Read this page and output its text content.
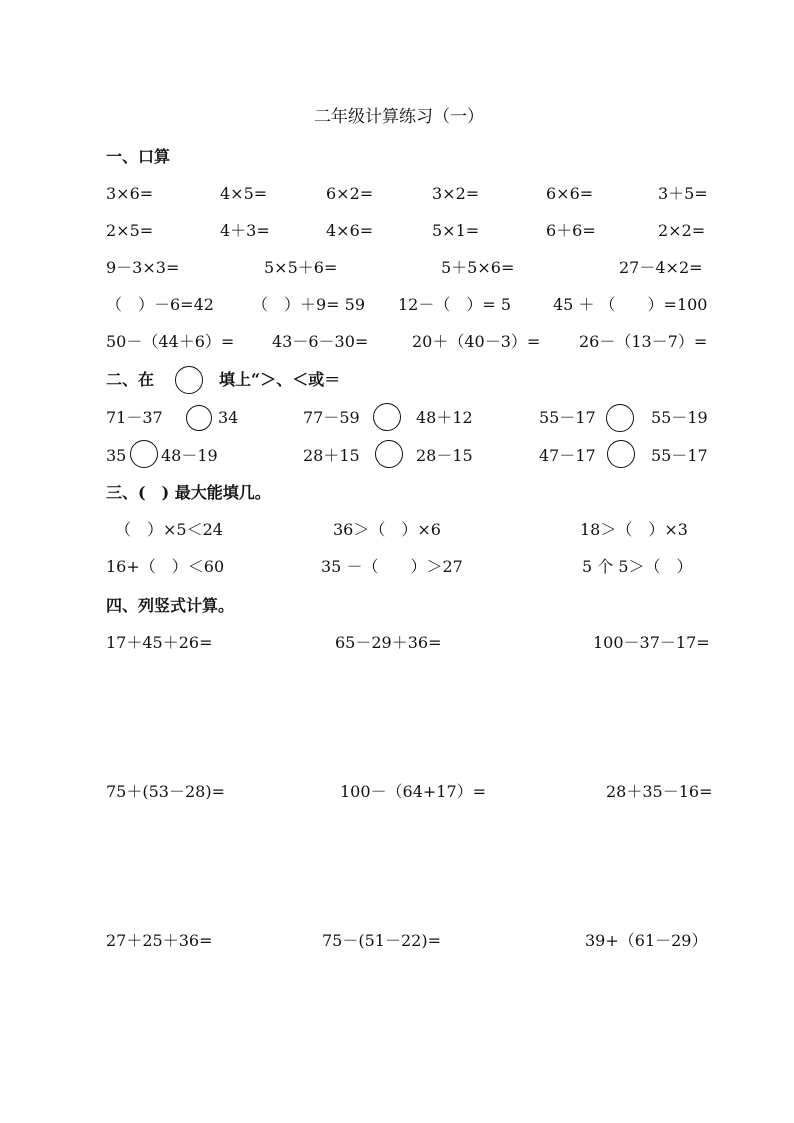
二年级计算练习（一）
一、口算
3×6=	4×5=	6×2=	3×2=	6×6=	3＋5=
2×5=	4＋3=	4×6=	5×1=	6＋6=	2×2=
9－3×3=	5×5＋6=	5＋5×6=	27－4×2=
（　）－6=42 （　）＋9= 59 12－（　）= 5	45 ＋ （　　）=100
50－（44＋6）= 43－6－30=	20＋（40－3）= 26－（13－7）=
二、在	填上“＞、＜或＝
71－37	34	77－59	48＋12	55－17	55－19
35 48－19	28＋15	28－15	47－17	55－17
三、(　) 最大能填几。
（　）×5＜24	36＞（　）×6	18＞（　）×3
16+（　）＜60	35 －（　　）＞27	5 个 5＞（　）
四、列竖式计算。
17＋45＋26=	65－29＋36=	100－37－17=
75＋(53－28)=	100－（64+17）=	28＋35－16=
27＋25＋36=	75－(51－22)=	39+（61－29）
